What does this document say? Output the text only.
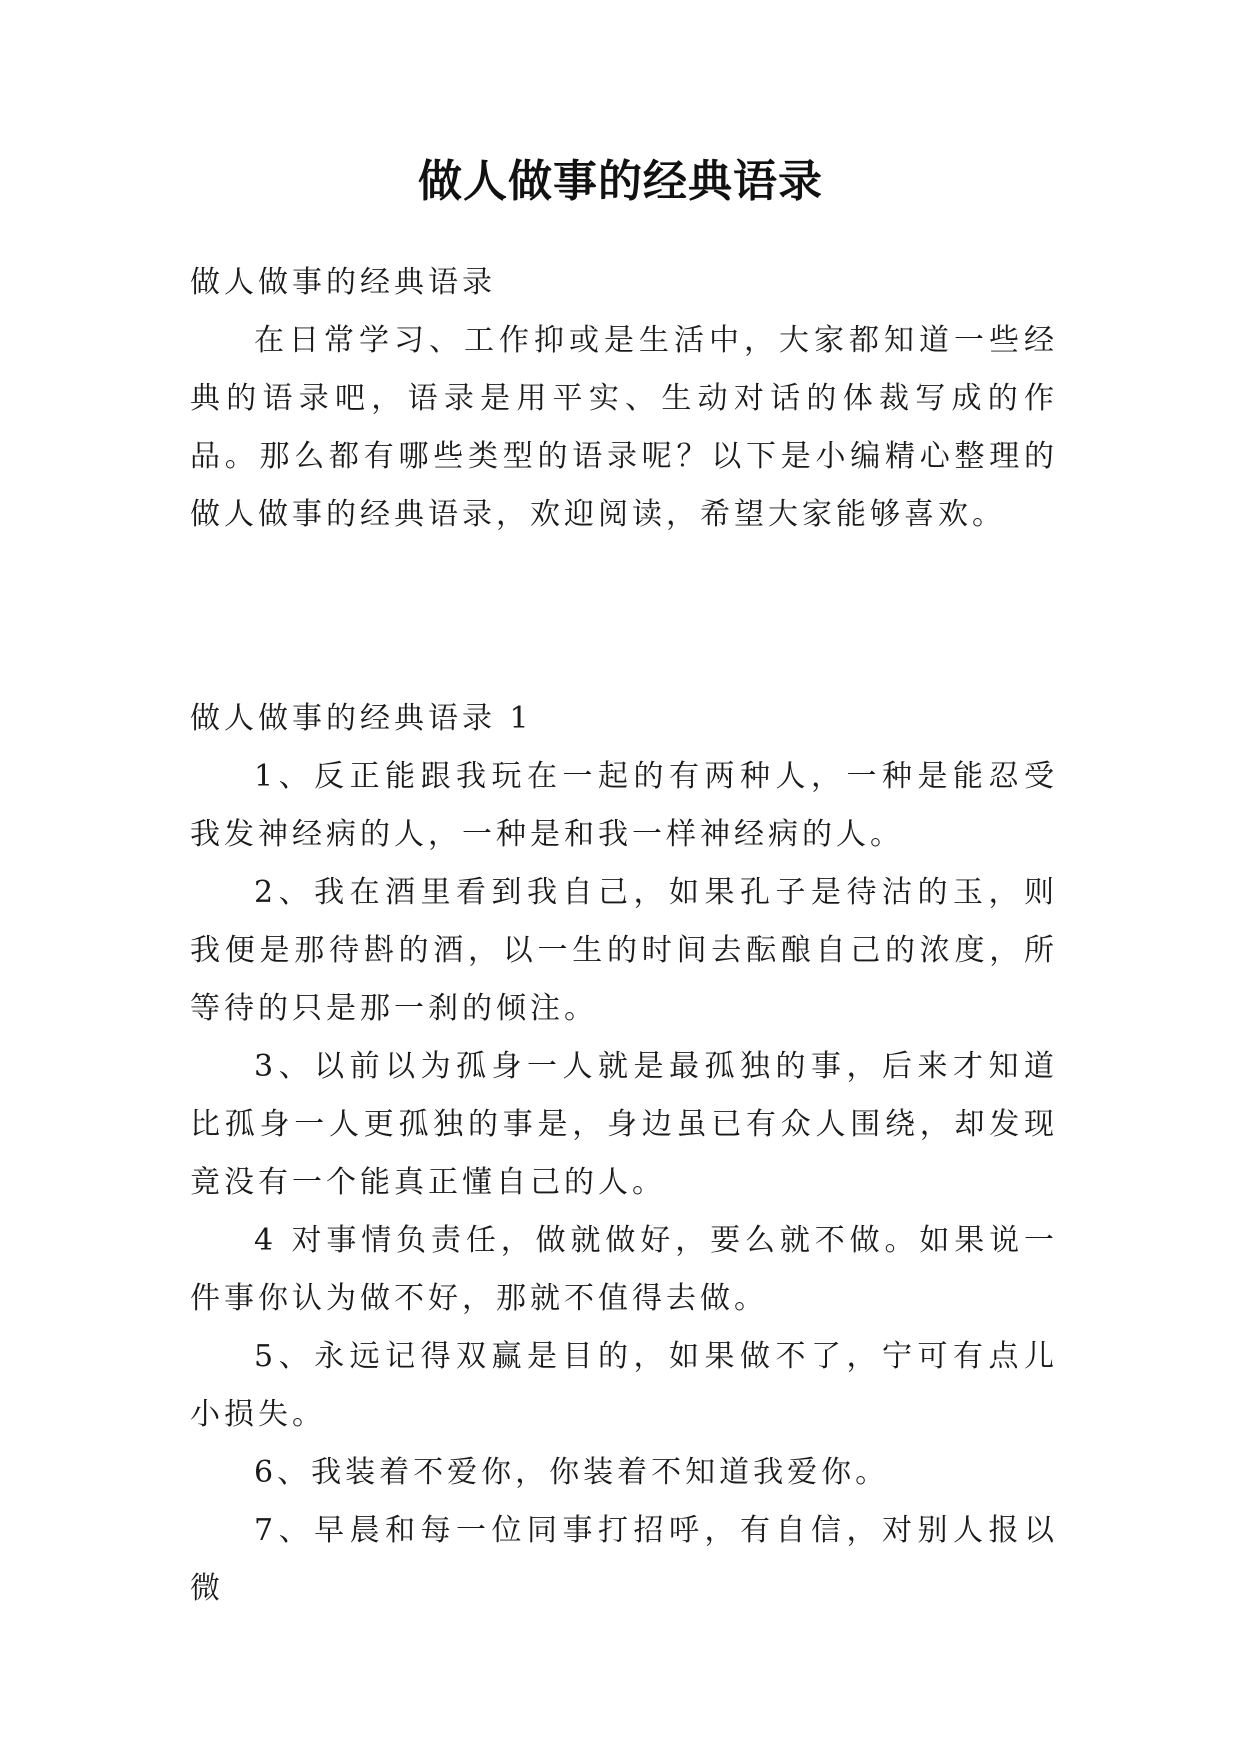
做人做事的经典语录

做人做事的经典语录

在日常学习、工作抑或是生活中，大家都知道一些经典的语录吧，语录是用平实、生动对话的体裁写成的作品。那么都有哪些类型的语录呢？以下是小编精心整理的做人做事的经典语录，欢迎阅读，希望大家能够喜欢。

做人做事的经典语录 1

1、反正能跟我玩在一起的有两种人，一种是能忍受我发神经病的人，一种是和我一样神经病的人。

2、我在酒里看到我自己，如果孔子是待沽的玉，则我便是那待斟的酒，以一生的时间去酝酿自己的浓度，所等待的只是那一刹的倾注。

3、以前以为孤身一人就是最孤独的事，后来才知道比孤身一人更孤独的事是，身边虽已有众人围绕，却发现竟没有一个能真正懂自己的人。

4 对事情负责任，做就做好，要么就不做。如果说一件事你认为做不好，那就不值得去做。

5、永远记得双赢是目的，如果做不了，宁可有点儿小损失。

6、我装着不爱你，你装着不知道我爱你。

7、早晨和每一位同事打招呼，有自信，对别人报以微
